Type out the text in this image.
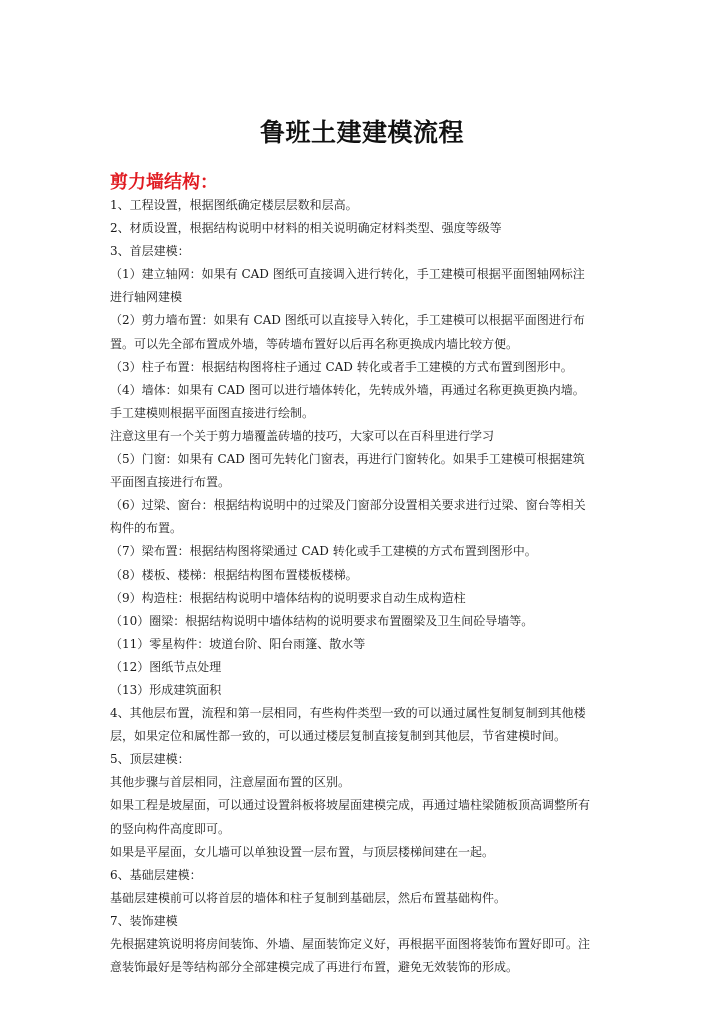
鲁班土建建模流程
剪力墙结构：

1、工程设置，根据图纸确定楼层层数和层高。

2、材质设置，根据结构说明中材料的相关说明确定材料类型、强度等级等

3、首层建模：

（1）建立轴网：如果有 CAD 图纸可直接调入进行转化，手工建模可根据平面图轴网标注

进行轴网建模

（2）剪力墙布置：如果有 CAD 图纸可以直接导入转化，手工建模可以根据平面图进行布

置。可以先全部布置成外墙，等砖墙布置好以后再名称更换成内墙比较方便。

（3）柱子布置：根据结构图将柱子通过 CAD 转化或者手工建模的方式布置到图形中。

（4）墙体：如果有 CAD 图可以进行墙体转化，先转成外墙，再通过名称更换更换内墙。

手工建模则根据平面图直接进行绘制。

注意这里有一个关于剪力墙覆盖砖墙的技巧，大家可以在百科里进行学习

（5）门窗：如果有 CAD 图可先转化门窗表，再进行门窗转化。如果手工建模可根据建筑

平面图直接进行布置。

（6）过梁、窗台：根据结构说明中的过梁及门窗部分设置相关要求进行过梁、窗台等相关

构件的布置。

（7）梁布置：根据结构图将梁通过 CAD 转化或手工建模的方式布置到图形中。

（8）楼板、楼梯：根据结构图布置楼板楼梯。

（9）构造柱：根据结构说明中墙体结构的说明要求自动生成构造柱

（10）圈梁：根据结构说明中墙体结构的说明要求布置圈梁及卫生间砼导墙等。

（11）零星构件：坡道台阶、阳台雨篷、散水等

（12）图纸节点处理

（13）形成建筑面积

4、其他层布置，流程和第一层相同，有些构件类型一致的可以通过属性复制复制到其他楼

层，如果定位和属性都一致的，可以通过楼层复制直接复制到其他层，节省建模时间。

5、顶层建模：

其他步骤与首层相同，注意屋面布置的区别。

如果工程是坡屋面，可以通过设置斜板将坡屋面建模完成，再通过墙柱梁随板顶高调整所有

的竖向构件高度即可。

如果是平屋面，女儿墙可以单独设置一层布置，与顶层楼梯间建在一起。

6、基础层建模：

基础层建模前可以将首层的墙体和柱子复制到基础层，然后布置基础构件。

7、装饰建模

先根据建筑说明将房间装饰、外墙、屋面装饰定义好，再根据平面图将装饰布置好即可。注

意装饰最好是等结构部分全部建模完成了再进行布置，避免无效装饰的形成。
